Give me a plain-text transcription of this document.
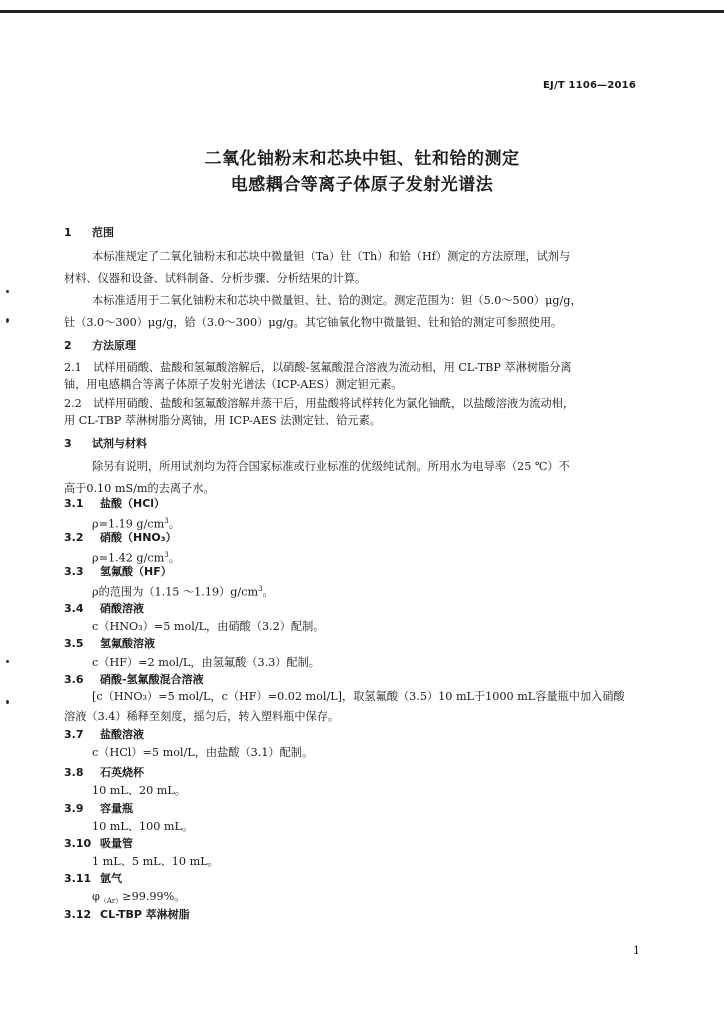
EJ/T 1106—2016
二氧化铀粉末和芯块中钽、钍和铪的测定
电感耦合等离子体原子发射光谱法
1 范围
本标准规定了二氧化铀粉末和芯块中微量钽（Ta）钍（Th）和铪（Hf）测定的方法原理，试剂与
材料、仪器和设备、试料制备、分析步骤、分析结果的计算。
本标准适用于二氧化铀粉末和芯块中微量钽、钍、铪的测定。测定范围为：钽（5.0～500）μg/g，
钍（3.0～300）μg/g，铪（3.0～300）μg/g。其它铀氧化物中微量钽、钍和铪的测定可参照使用。
2 方法原理
2.1　试样用硝酸、盐酸和氢氟酸溶解后，以硝酸-氢氟酸混合溶液为流动相，用 CL-TBP 萃淋树脂分离
铀，用电感耦合等离子体原子发射光谱法（ICP-AES）测定钽元素。
2.2　试样用硝酸、盐酸和氢氟酸溶解并蒸干后，用盐酸将试样转化为氯化铀酰，以盐酸溶液为流动相，
用 CL-TBP 萃淋树脂分离铀，用 ICP-AES 法测定钍、铪元素。
3 试剂与材料
除另有说明，所用试剂均为符合国家标准或行业标准的优级纯试剂。所用水为电导率（25 ℃）不
高于0.10 mS/m的去离子水。
3.1 盐酸（HCl）
ρ=1.19 $g/cm^3$。
3.2 硝酸（HNO₃）
ρ=1.42 $g/cm^3$。
3.3 氢氟酸（HF）
ρ的范围为（1.15 $\sim 1.19)g/cm^3$。
3.4 硝酸溶液
c（HNO₃）=5 mol/L，由硝酸（3.2）配制。
3.5 氢氟酸溶液
c（HF）=2 mol/L，由氢氟酸（3.3）配制。
3.6 硝酸-氢氟酸混合溶液
[c（HNO₃）=5 mol/L，c（HF）=0.02 mol/L]，取氢氟酸（3.5）10 mL于1000 mL容量瓶中加入硝酸
溶液（3.4）稀释至刻度，摇匀后，转入塑料瓶中保存。
3.7 盐酸溶液
c（HCl）=5 mol/L，由盐酸（3.1）配制。
3.8 石英烧杯
10 mL、20 mL。
3.9 容量瓶
10 mL、100 mL。
3.10 吸量管
1 mL、5 mL、10 mL。
3.11 氩气
$\varphi_{(Ar)}\ge 99.99\%$。
3.12 CL-TBP 萃淋树脂
1
